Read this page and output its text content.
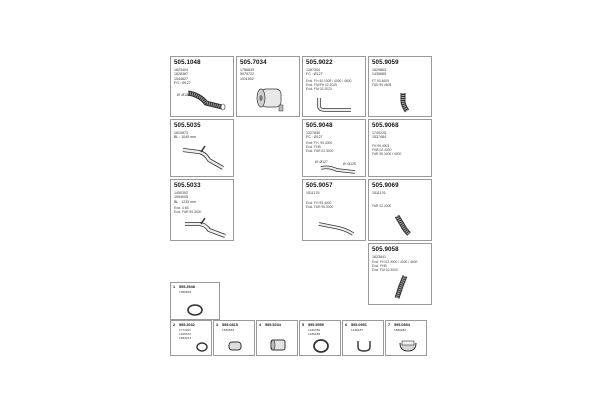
505.1048
1623404
1628387
1544827
FG : Ø127
Ø: Ø125
Ø: Ø127
505.7034
1766839
5975722
1011502
505.9022
1287304
FC : Ø127
Excl. FH 40.1008 / 4000 / 4600
Excl. FM/FH 02.2025
Excl. FM 02.2023
505.9059
1629863
1435685
FT 90.4605
FAD 95.4605
505.5035
1810873
BL : 1045 mm
505.9048
1327830
FC : Ø127
Excl. FH, 95.4000
Excl. FHB
Excl. FAR 02.3000
Ø: Ø127	Ø: Ø125
505.9068
1740225
1537484
FH 95.4003
FHB 02.4300
FAR 95.3400 / 4000
505.5033
1450392
1594005
BL : 1235 mm
Excl. 4 kB
Excl. FAR 95.3400
505.9057
1511176
Excl. FH 95.4000
Excl. FAR 95.3000
505.9069
1511176
FAR 02.4300
505.9058
1623841
Excl. FH 02.3000 / 4000 / 4600
Excl. FHB
Excl. FM 02.3000
1 595.3948
1556834
2 595.3032
1771101
1229572
1683273
3 595.0815
1530653
4 595.5234	5 595.5959
1246780
1436189
6 595.0951
1449187
7 595.0854
1580282
